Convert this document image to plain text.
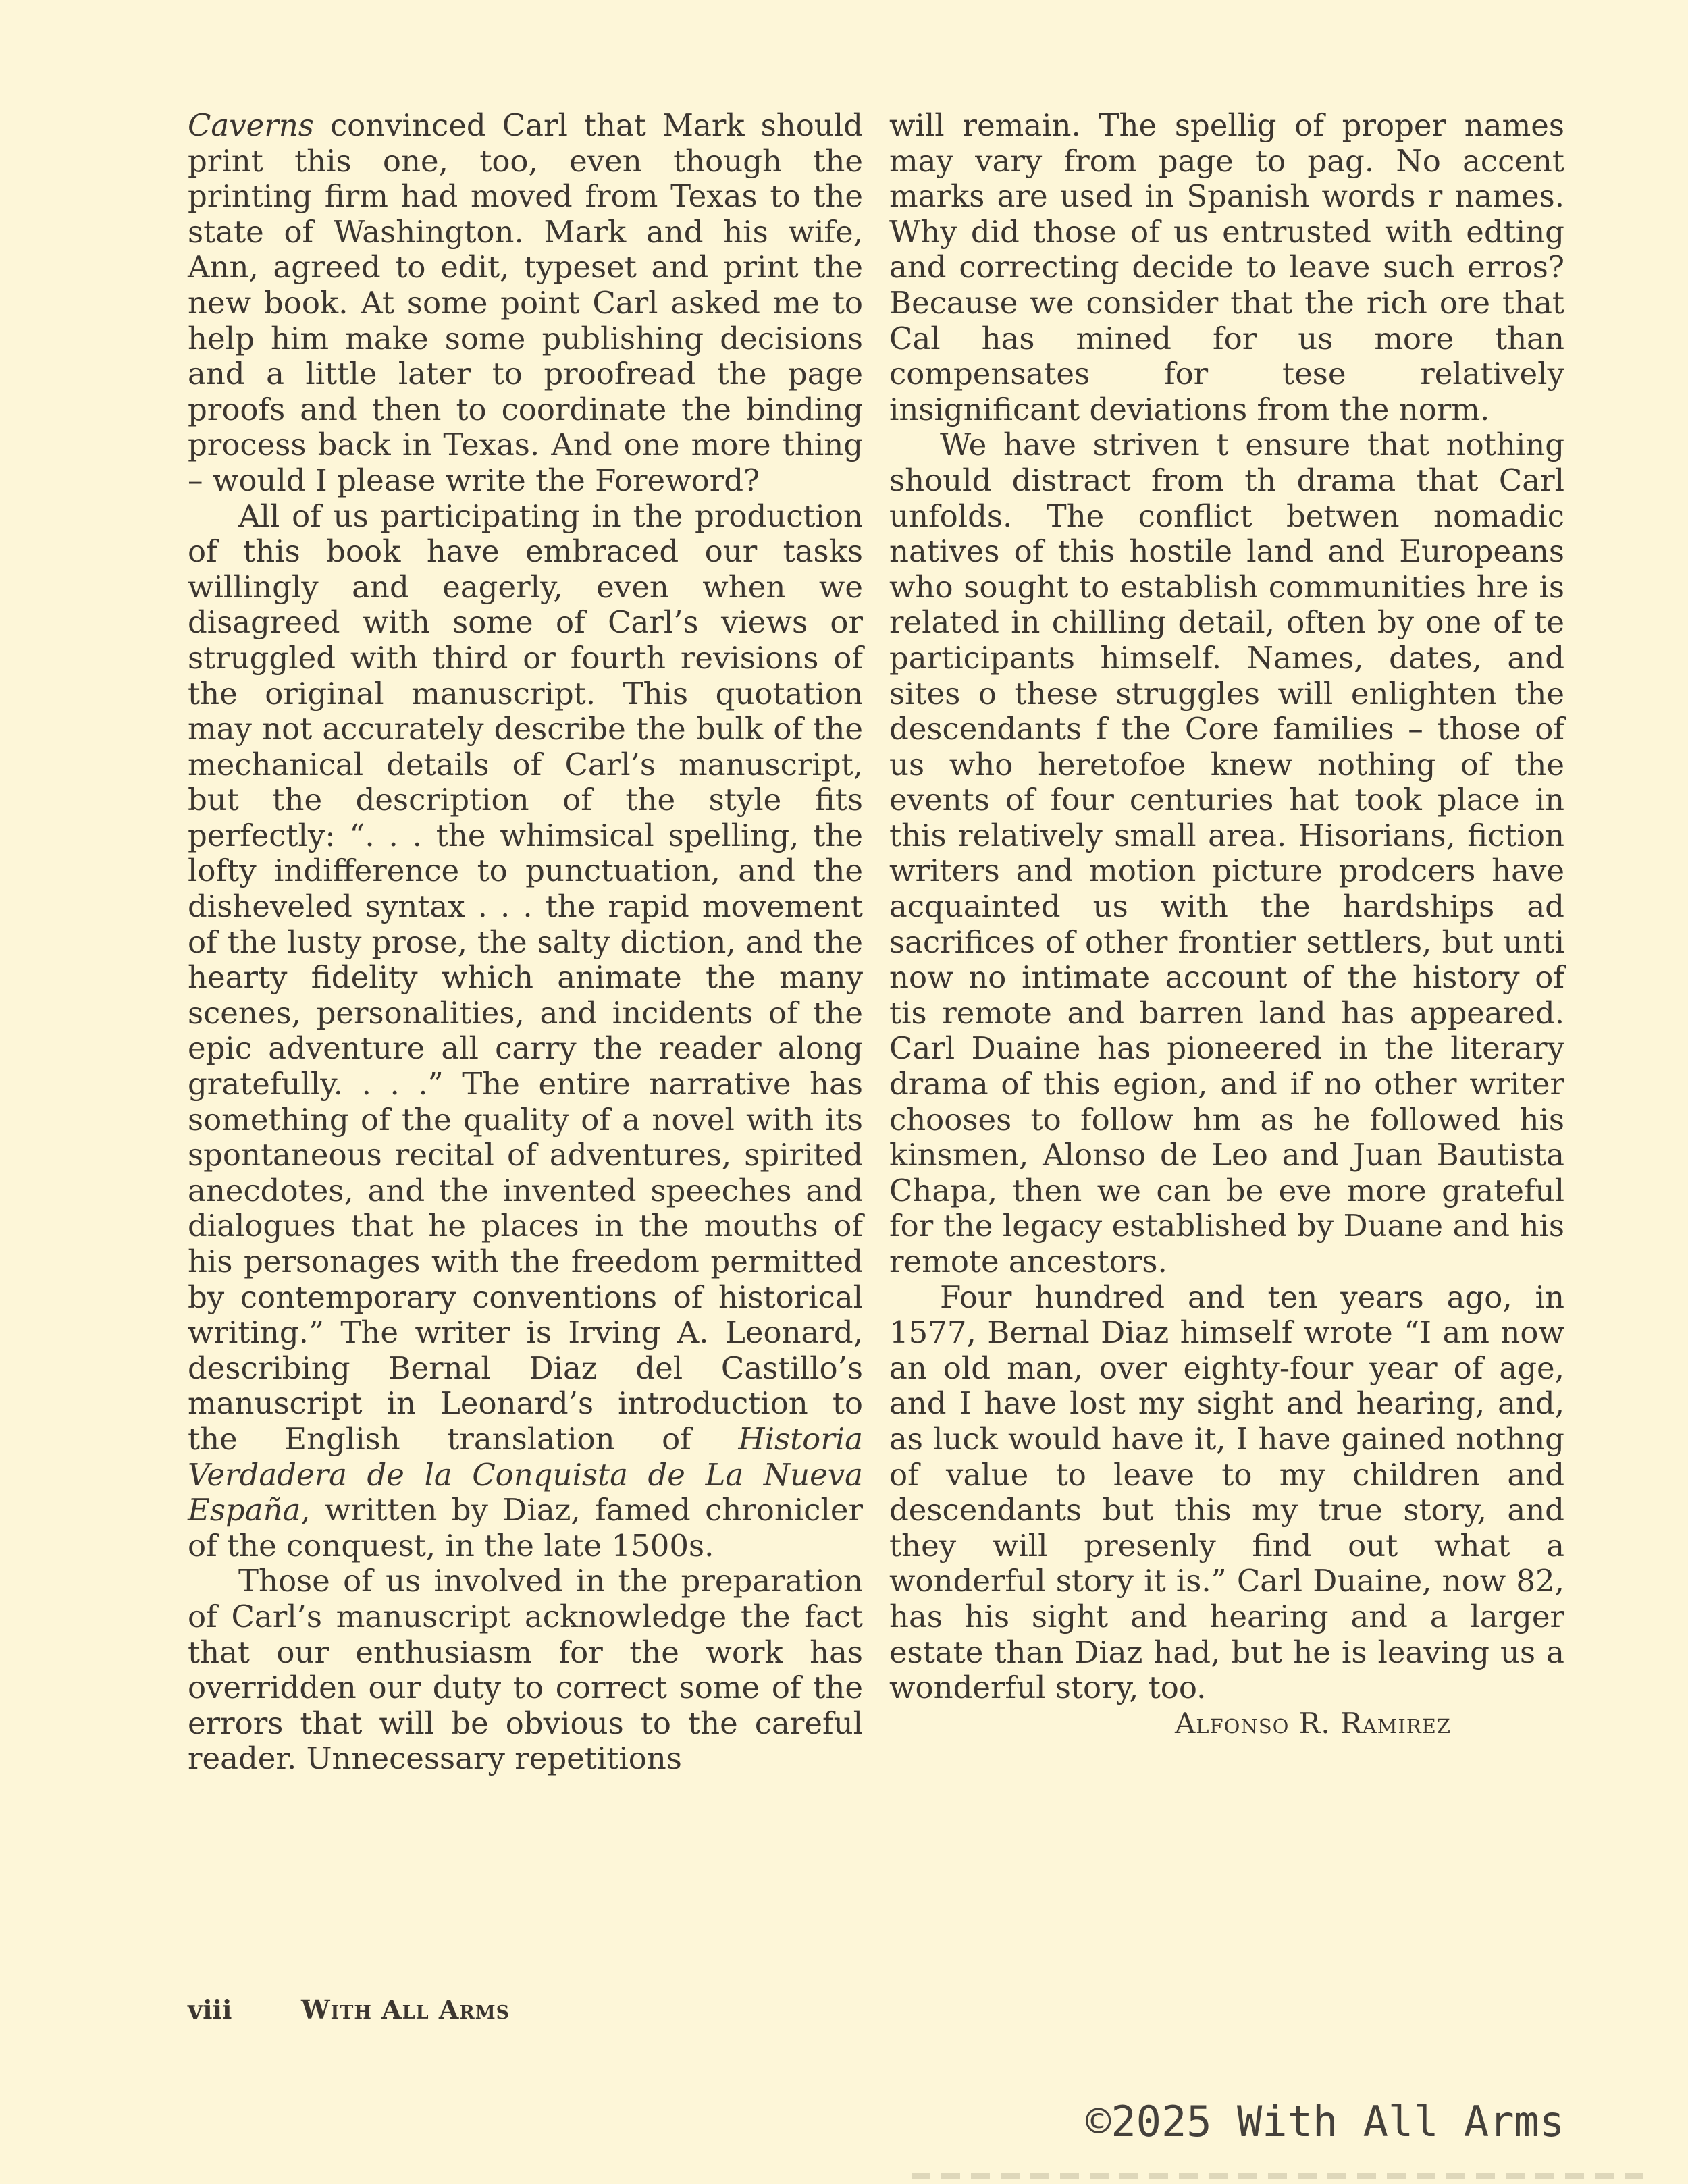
Caverns convinced Carl that Mark should print this one, too, even though the printing firm had moved from Texas to the state of Washington. Mark and his wife, Ann, agreed to edit, typeset and print the new book. At some point Carl asked me to help him make some publishing decisions and a little later to proofread the page proofs and then to coordinate the binding process back in Texas. And one more thing – would I please write the Foreword?

All of us participating in the production of this book have embraced our tasks willingly and eagerly, even when we disagreed with some of Carl’s views or struggled with third or fourth revisions of the original manuscript. This quotation may not accurately describe the bulk of the mechanical details of Carl’s manuscript, but the description of the style fits perfectly: “. . . the whimsical spelling, the lofty indifference to punctuation, and the disheveled syntax . . . the rapid movement of the lusty prose, the salty diction, and the hearty fidelity which animate the many scenes, personalities, and incidents of the epic adventure all carry the reader along gratefully. . . .” The entire narrative has something of the quality of a novel with its spontaneous recital of adventures, spirited anecdotes, and the invented speeches and dialogues that he places in the mouths of his personages with the freedom permitted by contemporary conventions of historical writing.” The writer is Irving A. Leonard, describing Bernal Diaz del Castillo’s manuscript in Leonard’s introduction to the English translation of Historia Verdadera de la Conquista de La Nueva España, written by Diaz, famed chronicler of the conquest, in the late 1500s.

Those of us involved in the preparation of Carl’s manuscript acknowledge the fact that our enthusiasm for the work has overridden our duty to correct some of the errors that will be obvious to the careful reader. Unnecessary repetitions

will remain. The spellig of proper names may vary from page to pag. No accent marks are used in Spanish words r names. Why did those of us entrusted with edting and correcting decide to leave such erros? Because we consider that the rich ore that Cal has mined for us more than compensates for tese relatively insignificant deviations from the norm.

We have striven t ensure that nothing should distract from th drama that Carl unfolds. The conflict betwen nomadic natives of this hostile land and Europeans who sought to establish communities hre is related in chilling detail, often by one of te participants himself. Names, dates, and sites o these struggles will enlighten the descendants f the Core families – those of us who heretofoe knew nothing of the events of four centuries hat took place in this relatively small area. Hisorians, fiction writers and motion picture prodcers have acquainted us with the hardships ad sacrifices of other frontier settlers, but unti now no intimate account of the history of tis remote and barren land has appeared. Carl Duaine has pioneered in the literary drama of this egion, and if no other writer chooses to follow hm as he followed his kinsmen, Alonso de Leo and Juan Bautista Chapa, then we can be eve more grateful for the legacy established by Duane and his remote ancestors.

Four hundred and ten years ago, in 1577, Bernal Diaz himself wrote “I am now an old man, over eighty-four year of age, and I have lost my sight and hearing, and, as luck would have it, I have gained nothng of value to leave to my children and descendants but this my true story, and they will presenly find out what a wonderful story it is.” Carl Duaine, now 82, has his sight and hearing and a larger estate than Diaz had, but he is leaving us a wonderful story, too.

Alfonso R. Ramirez

viii	With All Arms
©2025 With All Arms
